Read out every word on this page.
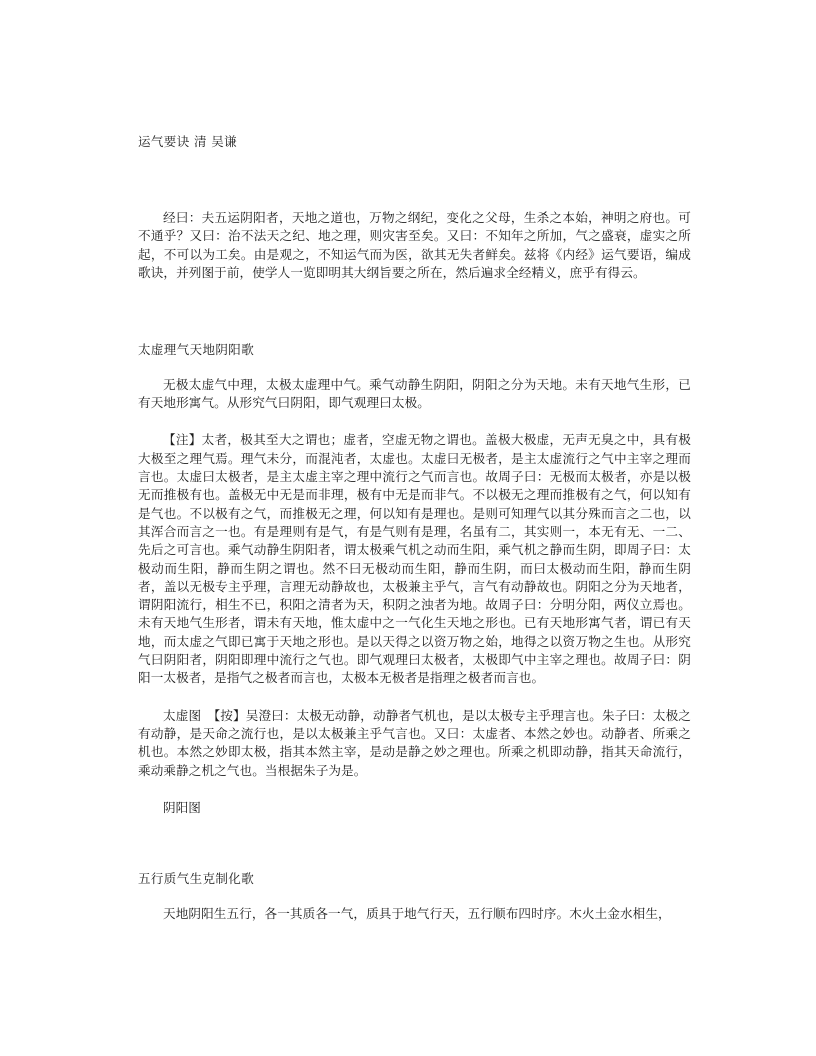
运气要诀 清 吴谦

经曰：夫五运阴阳者，天地之道也，万物之纲纪，变化之父母，生杀之本始，神明之府也。可不通乎？又曰：治不法天之纪、地之理，则灾害至矣。又曰：不知年之所加，气之盛衰，虚实之所起，不可以为工矣。由是观之，不知运气而为医，欲其无失者鲜矣。兹将《内经》运气要语，编成歌诀，并列图于前，使学人一览即明其大纲旨要之所在，然后遍求全经精义，庶乎有得云。

太虚理气天地阴阳歌

无极太虚气中理，太极太虚理中气。乘气动静生阴阳，阴阳之分为天地。未有天地气生形，已有天地形寓气。从形究气曰阴阳，即气观理曰太极。

【注】太者，极其至大之谓也；虚者，空虚无物之谓也。盖极大极虚，无声无臭之中，具有极大极至之理气焉。理气未分，而混沌者，太虚也。太虚曰无极者，是主太虚流行之气中主宰之理而言也。太虚曰太极者，是主太虚主宰之理中流行之气而言也。故周子曰：无极而太极者，亦是以极无而推极有也。盖极无中无是而非理，极有中无是而非气。不以极无之理而推极有之气，何以知有是气也。不以极有之气，而推极无之理，何以知有是理也。是则可知理气以其分殊而言之二也，以其浑合而言之一也。有是理则有是气，有是气则有是理，名虽有二，其实则一，本无有无、一二、先后之可言也。乘气动静生阴阳者，谓太极乘气机之动而生阳，乘气机之静而生阴，即周子曰：太极动而生阳，静而生阴之谓也。然不曰无极动而生阳，静而生阴，而曰太极动而生阳，静而生阴者，盖以无极专主乎理，言理无动静故也，太极兼主乎气，言气有动静故也。阴阳之分为天地者，谓阴阳流行，相生不已，积阳之清者为天，积阴之浊者为地。故周子曰：分明分阳，两仪立焉也。未有天地气生形者，谓未有天地，惟太虚中之一气化生天地之形也。已有天地形寓气者，谓已有天地，而太虚之气即已寓于天地之形也。是以天得之以资万物之始，地得之以资万物之生也。从形究气曰阴阳者，阴阳即理中流行之气也。即气观理曰太极者，太极即气中主宰之理也。故周子曰：阴阳一太极者，是指气之极者而言也，太极本无极者是指理之极者而言也。

太虚图　【按】吴澄曰：太极无动静，动静者气机也，是以太极专主乎理言也。朱子曰：太极之有动静，是天命之流行也，是以太极兼主乎气言也。又曰：太虚者、本然之妙也。动静者、所乘之机也。本然之妙即太极，指其本然主宰，是动是静之妙之理也。所乘之机即动静，指其天命流行，乘动乘静之机之气也。当根据朱子为是。

阴阳图

五行质气生克制化歌

天地阴阳生五行，各一其质各一气，质具于地气行天，五行顺布四时序。木火土金水相生，
